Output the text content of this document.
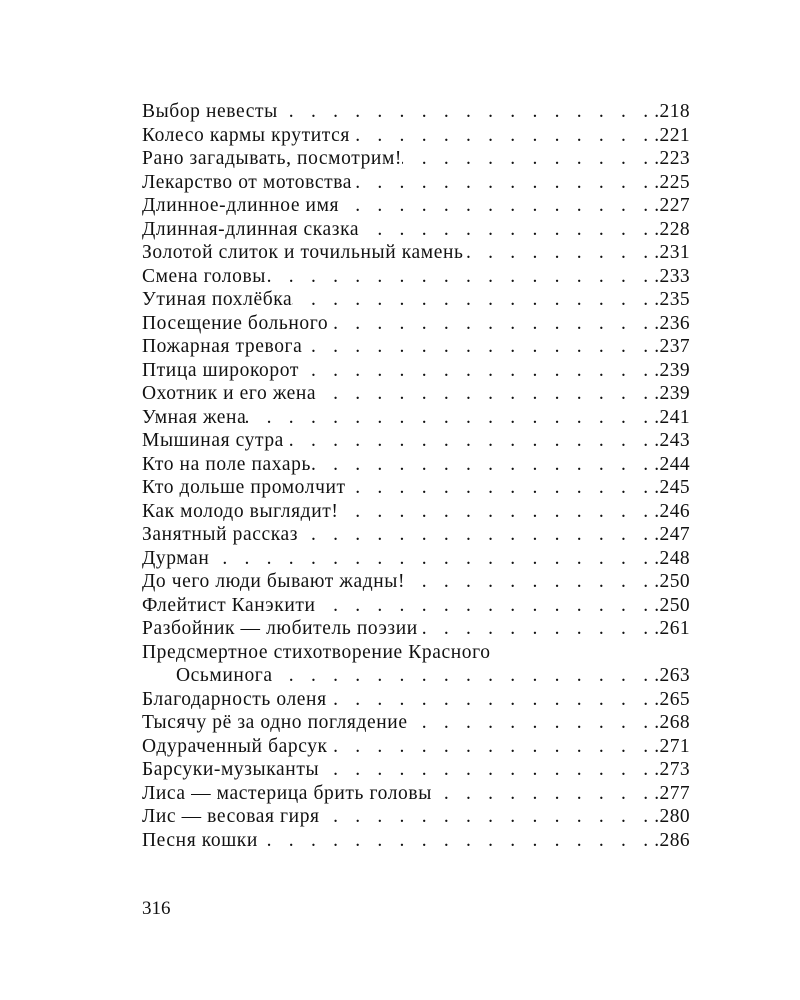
Выбор невесты . . .	.218
Колесо кармы крутится . . .	.221
Рано загадывать, посмотрим! . . .	.223
Лекарство от мотовства . . .	.225
Длинное-длинное имя . . .	.227
Длинная-длинная сказка . . .	.228
Золотой слиток и точильный камень . . .	.231
Смена головы . . .	.233
Утиная похлёбка . . .	.235
Посещение больного . . .	.236
Пожарная тревога . . .	.237
Птица широкорот . . .	.239
Охотник и его жена . . .	.239
Умная жена . . .	.241
Мышиная сутра . . .	.243
Кто на поле пахарь . . .	.244
Кто дольше промолчит . . .	.245
Как молодо выглядит! . . .	.246
Занятный рассказ . . .	.247
Дурман . . .	.248
До чего люди бывают жадны! . . .	.250
Флейтист Канэкити . . .	.250
Разбойник — любитель поэзии . . .	.261
Предсмертное стихотворение Красного
Осьминога . . .	.263
Благодарность оленя . . .	.265
Тысячу рё за одно поглядение . . .	.268
Одураченный барсук . . .	.271
Барсуки-музыканты . . .	.273
Лиса — мастерица брить головы . . .	.277
Лис — весовая гиря . . .	.280
Песня кошки . . .	.286
316
